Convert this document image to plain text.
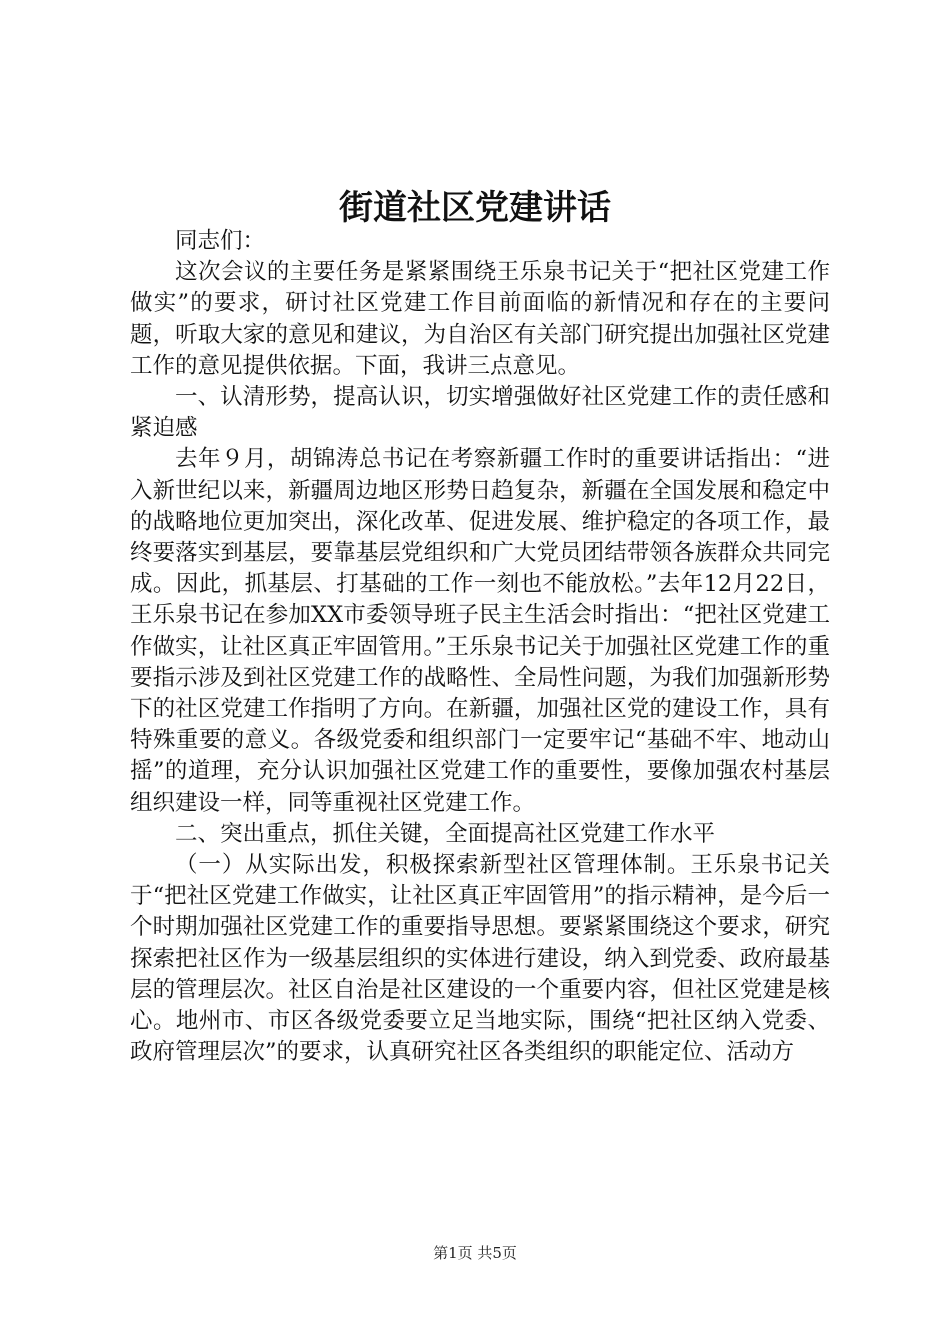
街道社区党建讲话

同志们：

这次会议的主要任务是紧紧围绕王乐泉书记关于“把社区党建工作做实”的要求，研讨社区党建工作目前面临的新情况和存在的主要问题，听取大家的意见和建议，为自治区有关部门研究提出加强社区党建工作的意见提供依据。下面，我讲三点意见。

一、认清形势，提高认识，切实增强做好社区党建工作的责任感和紧迫感

去年９月，胡锦涛总书记在考察新疆工作时的重要讲话指出：“进入新世纪以来，新疆周边地区形势日趋复杂，新疆在全国发展和稳定中的战略地位更加突出，深化改革、促进发展、维护稳定的各项工作，最终要落实到基层，要靠基层党组织和广大党员团结带领各族群众共同完成。因此，抓基层、打基础的工作一刻也不能放松。”去年12月22日，王乐泉书记在参加XX市委领导班子民主生活会时指出：“把社区党建工作做实，让社区真正牢固管用。”王乐泉书记关于加强社区党建工作的重要指示涉及到社区党建工作的战略性、全局性问题，为我们加强新形势下的社区党建工作指明了方向。在新疆，加强社区党的建设工作，具有特殊重要的意义。各级党委和组织部门一定要牢记“基础不牢、地动山摇”的道理，充分认识加强社区党建工作的重要性，要像加强农村基层组织建设一样，同等重视社区党建工作。

二、突出重点，抓住关键，全面提高社区党建工作水平

（一）从实际出发，积极探索新型社区管理体制。王乐泉书记关于“把社区党建工作做实，让社区真正牢固管用”的指示精神，是今后一个时期加强社区党建工作的重要指导思想。要紧紧围绕这个要求，研究探索把社区作为一级基层组织的实体进行建设，纳入到党委、政府最基层的管理层次。社区自治是社区建设的一个重要内容，但社区党建是核心。地州市、市区各级党委要立足当地实际，围绕“把社区纳入党委、政府管理层次”的要求，认真研究社区各类组织的职能定位、活动方

第1页 共5页
